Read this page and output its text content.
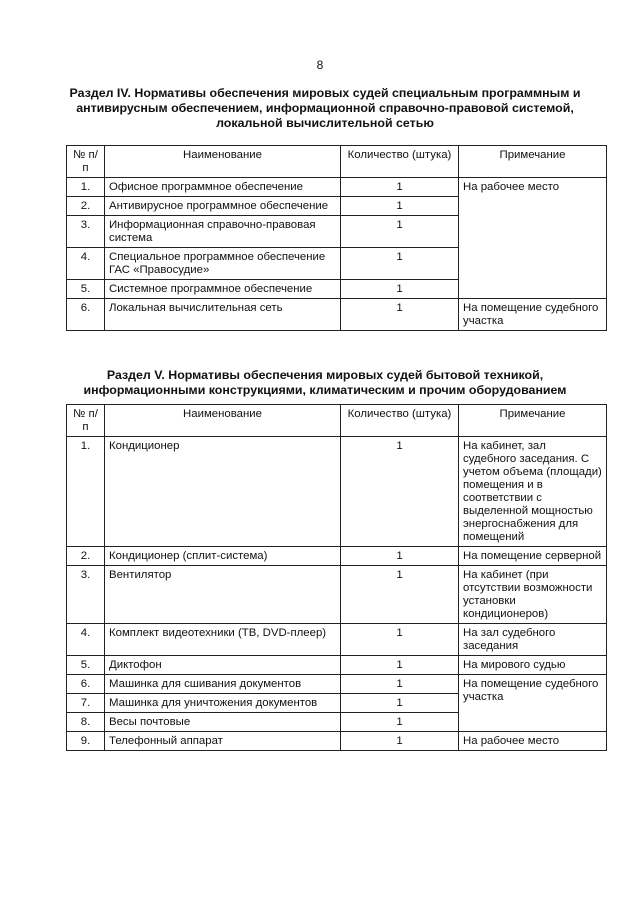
8
Раздел IV. Нормативы обеспечения мировых судей специальным программным и антивирусным обеспечением, информационной справочно-правовой системой, локальной вычислительной сетью
№ п/п	Наименование	Количество (штука)	Примечание
1.	Офисное программное обеспечение	1	На рабочее место
2.	Антивирусное программное обеспечение	1	
3.	Информационная справочно-правовая система	1	
4.	Специальное программное обеспечение ГАС «Правосудие»	1	
5.	Системное программное обеспечение	1	
6.	Локальная вычислительная сеть	1	На помещение судебного участка
Раздел V. Нормативы обеспечения мировых судей бытовой техникой, информационными конструкциями, климатическим и прочим оборудованием
№ п/п	Наименование	Количество (штука)	Примечание
1.	Кондиционер	1	На кабинет, зал судебного заседания. С учетом объема (площади) помещения и в соответствии с выделенной мощностью энергоснабжения для помещений
2.	Кондиционер (сплит-система)	1	На помещение серверной
3.	Вентилятор	1	На кабинет (при отсутствии возможности установки кондиционеров)
4.	Комплект видеотехники (ТВ, DVD-плеер)	1	На зал судебного заседания
5.	Диктофон	1	На мирового судью
6.	Машинка для сшивания документов	1	На помещение судебного участка
7.	Машинка для уничтожения документов	1	
8.	Весы почтовые	1	
9.	Телефонный аппарат	1	На рабочее место
